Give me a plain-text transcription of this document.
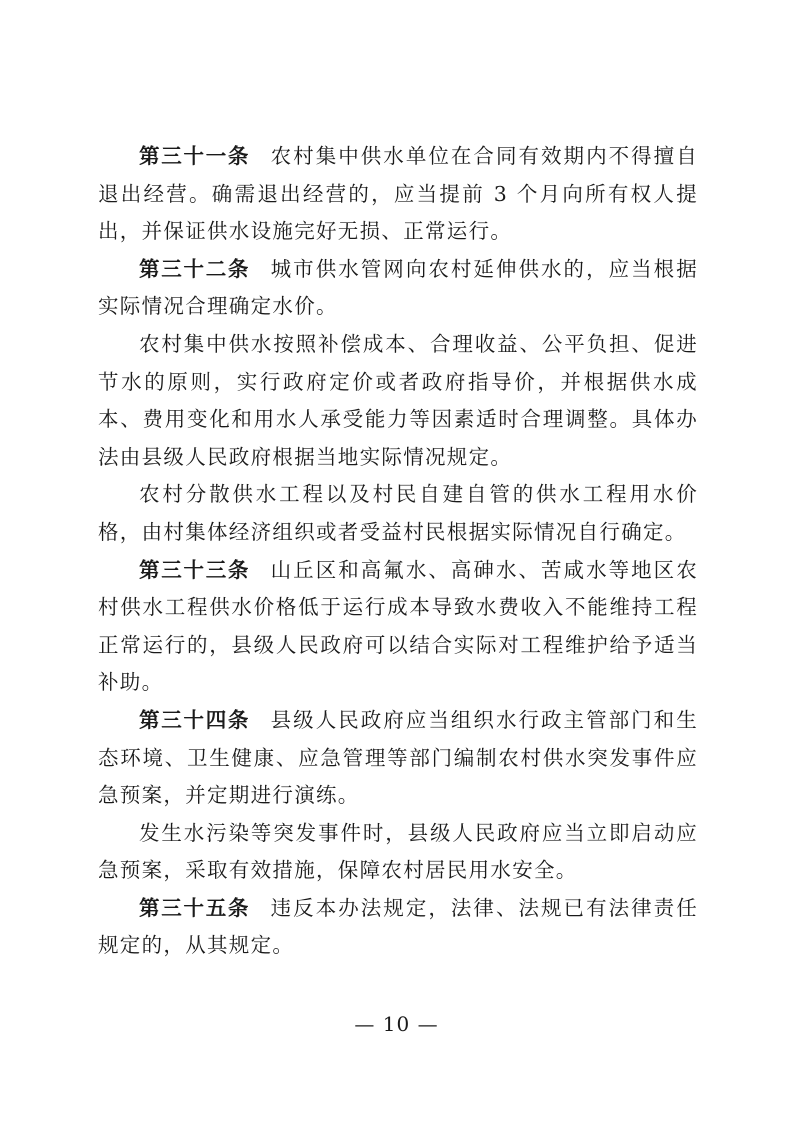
第三十一条 农村集中供水单位在合同有效期内不得擅自退出经营。确需退出经营的，应当提前 3 个月向所有权人提出，并保证供水设施完好无损、正常运行。

第三十二条 城市供水管网向农村延伸供水的，应当根据实际情况合理确定水价。

农村集中供水按照补偿成本、合理收益、公平负担、促进节水的原则，实行政府定价或者政府指导价，并根据供水成本、费用变化和用水人承受能力等因素适时合理调整。具体办法由县级人民政府根据当地实际情况规定。

农村分散供水工程以及村民自建自管的供水工程用水价格，由村集体经济组织或者受益村民根据实际情况自行确定。

第三十三条 山丘区和高氟水、高砷水、苦咸水等地区农村供水工程供水价格低于运行成本导致水费收入不能维持工程正常运行的，县级人民政府可以结合实际对工程维护给予适当补助。

第三十四条 县级人民政府应当组织水行政主管部门和生态环境、卫生健康、应急管理等部门编制农村供水突发事件应急预案，并定期进行演练。

发生水污染等突发事件时，县级人民政府应当立即启动应急预案，采取有效措施，保障农村居民用水安全。

第三十五条 违反本办法规定，法律、法规已有法律责任规定的，从其规定。

— 10 —
